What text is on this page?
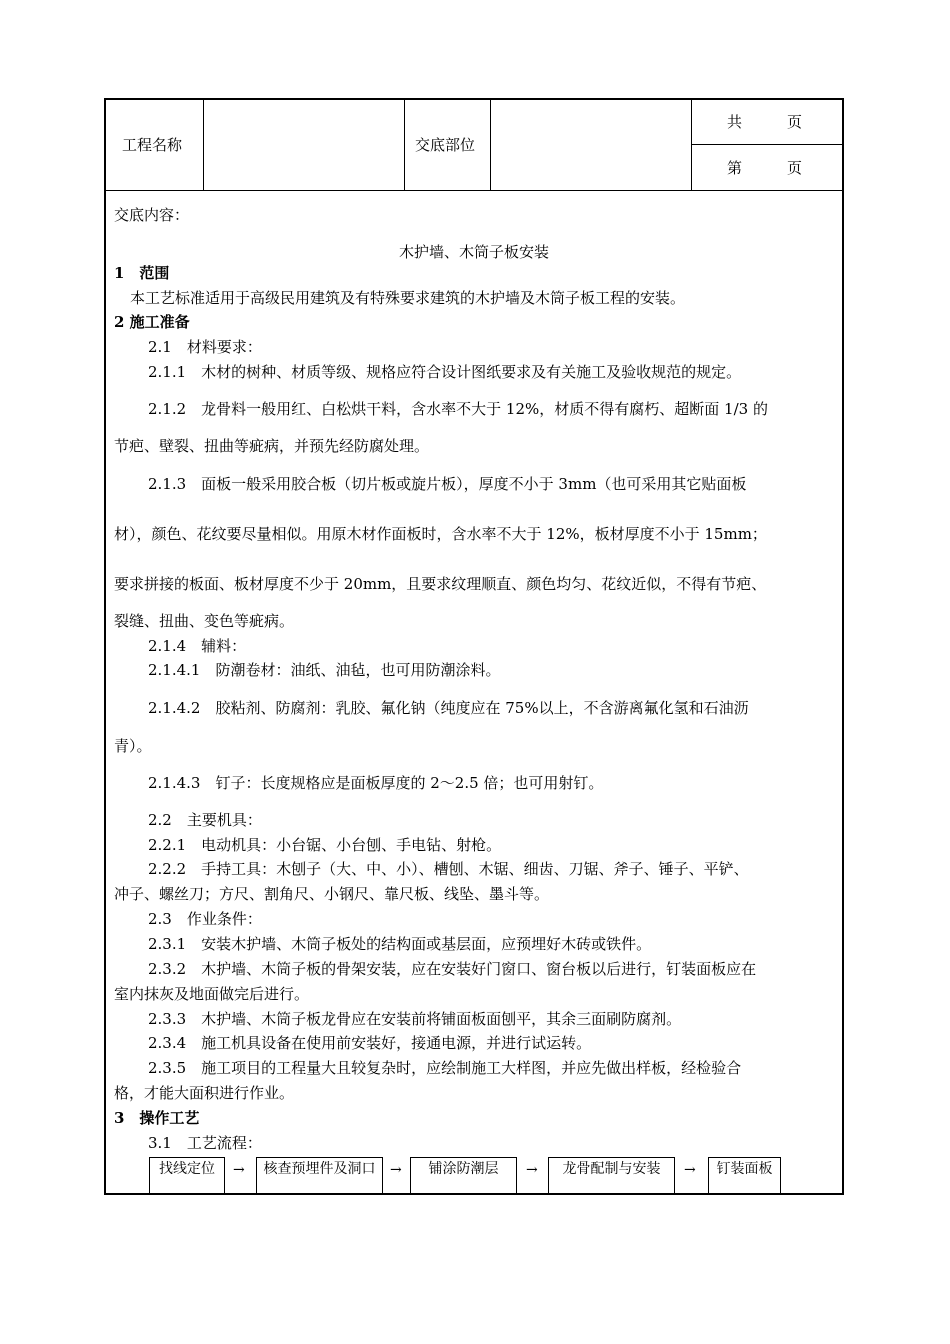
工程名称	交底部位
共　　　页
第　　　页
交底内容：
木护墙、木筒子板安装
1　范围
本工艺标准适用于高级民用建筑及有特殊要求建筑的木护墙及木筒子板工程的安装。
2 施工准备
2.1　材料要求：
2.1.1　木材的树种、材质等级、规格应符合设计图纸要求及有关施工及验收规范的规定。
2.1.2　龙骨料一般用红、白松烘干料，含水率不大于 12%，材质不得有腐朽、超断面 1/3 的
节疤、壁裂、扭曲等疵病，并预先经防腐处理。
2.1.3　面板一般采用胶合板（切片板或旋片板），厚度不小于 3mm（也可采用其它贴面板
材），颜色、花纹要尽量相似。用原木材作面板时，含水率不大于 12%，板材厚度不小于 15mm；
要求拼接的板面、板材厚度不少于 20mm，且要求纹理顺直、颜色均匀、花纹近似，不得有节疤、
裂缝、扭曲、变色等疵病。
2.1.4　辅料：
2.1.4.1　防潮卷材：油纸、油毡，也可用防潮涂料。
2.1.4.2　胶粘剂、防腐剂：乳胶、氟化钠（纯度应在 75%以上，不含游离氟化氢和石油沥
青）。
2.1.4.3　钉子：长度规格应是面板厚度的 2～2.5 倍；也可用射钉。
2.2　主要机具：
2.2.1　电动机具：小台锯、小台刨、手电钻、射枪。
2.2.2　手持工具：木刨子（大、中、小）、槽刨、木锯、细齿、刀锯、斧子、锤子、平铲、
冲子、螺丝刀；方尺、割角尺、小钢尺、靠尺板、线坠、墨斗等。
2.3　作业条件：
2.3.1　安装木护墙、木筒子板处的结构面或基层面，应预埋好木砖或铁件。
2.3.2　木护墙、木筒子板的骨架安装，应在安装好门窗口、窗台板以后进行，钉装面板应在
室内抹灰及地面做完后进行。
2.3.3　木护墙、木筒子板龙骨应在安装前将铺面板面刨平，其余三面刷防腐剂。
2.3.4　施工机具设备在使用前安装好，接通电源，并进行试运转。
2.3.5　施工项目的工程量大且较复杂时，应绘制施工大样图，并应先做出样板，经检验合
格，才能大面积进行作业。
3　操作工艺
3.1　工艺流程：
找线定位	→	核查预埋件及洞口	→	铺涂防潮层	→	龙骨配制与安装	→	钉装面板
